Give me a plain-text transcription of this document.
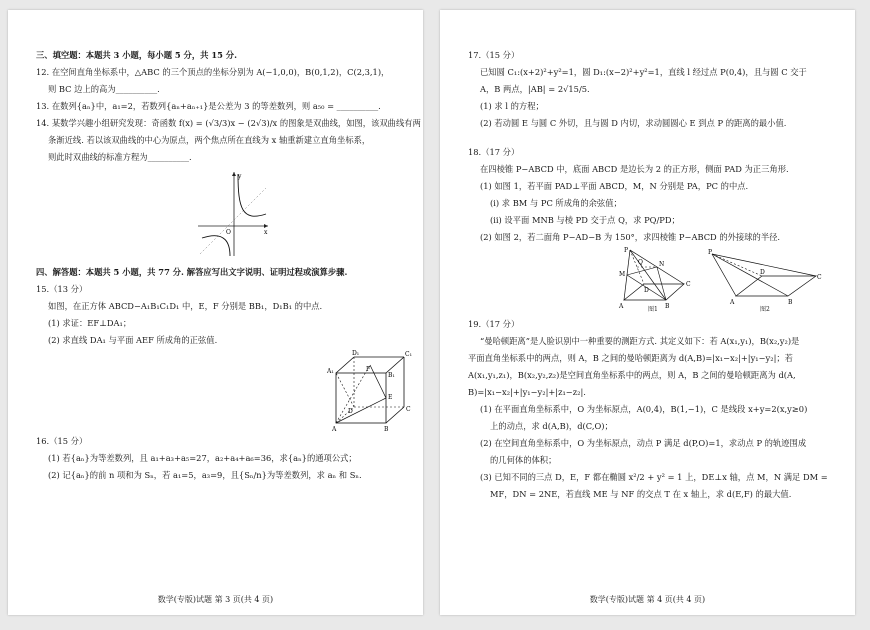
三、填空题：本题共 3 小题，每小题 5 分，共 15 分.
12. 在空间直角坐标系中，△ABC 的三个顶点的坐标分别为 A(−1,0,0)，B(0,1,2)，C(2,3,1)，
则 BC 边上的高为__________.
13. 在数列{aₙ}中，a₁=2，若数列{aₙ+aₙ₊₁}是公差为 3 的等差数列，则 a₅₀ = __________.
14. 某数学兴趣小组研究发现：奇函数 f(x) = (√3/3)x − (2√3)/x 的图象是双曲线，如图，该双曲线有两
条渐近线. 若以该双曲线的中心为原点，两个焦点所在直线为 x 轴重新建立直角坐标系，
则此时双曲线的标准方程为__________.
y
x
O
四、解答题：本题共 5 小题，共 77 分. 解答应写出文字说明、证明过程或演算步骤.
15.（13 分）
如图，在正方体 ABCD−A₁B₁C₁D₁ 中，E，F 分别是 BB₁，D₁B₁ 的中点.
(1) 求证：EF⊥DA₁；
(2) 求直线 DA₁ 与平面 AEF 所成角的正弦值.
D₁	C₁
A₁
B₁
F
E
D	C
A	B
16.（15 分）
(1) 若{aₙ}为等差数列，且 a₁+a₃+a₅=27，a₂+a₄+a₆=36，求{aₙ}的通项公式；
(2) 记{aₙ}的前 n 项和为 Sₙ，若 a₁=5，a₃=9，且{Sₙ/n}为等差数列，求 aₙ 和 Sₙ.
数学(专版)试题 第 3 页(共 4 页)
17.（15 分）
已知圆 C₁:(x+2)²+y²=1，圆 D₁:(x−2)²+y²=1，直线 l 经过点 P(0,4)，且与圆 C 交于
A，B 两点，|AB| = 2√15/5.
(1) 求 l 的方程；
(2) 若动圆 E 与圆 C 外切，且与圆 D 内切，求动圆圆心 E 到点 P 的距离的最小值.
18.（17 分）
在四棱锥 P−ABCD 中，底面 ABCD 是边长为 2 的正方形，侧面 PAD 为正三角形.
(1) 如图 1，若平面 PAD⊥平面 ABCD，M，N 分别是 PA，PC 的中点.
(ⅰ) 求 BM 与 PC 所成角的余弦值；
(ⅱ) 设平面 MNB 与棱 PD 交于点 Q，求 PQ/PD；
(2) 如图 2，若二面角 P−AD−B 为 150°，求四棱锥 P−ABCD 的外接球的半径.
P
M
Q	N
D
C
A	B
图1
P
D
C
A	B
图2
19.（17 分）
“曼哈顿距离”是人脸识别中一种重要的测距方式. 其定义如下：若 A(x₁,y₁)，B(x₂,y₂)是
平面直角坐标系中的两点，则 A，B 之间的曼哈顿距离为 d(A,B)=|x₁−x₂|+|y₁−y₂|；若
A(x₁,y₁,z₁)，B(x₂,y₂,z₂)是空间直角坐标系中的两点，则 A，B 之间的曼哈顿距离为 d(A,
B)=|x₁−x₂|+|y₁−y₂|+|z₁−z₂|.
(1) 在平面直角坐标系中，O 为坐标原点，A(0,4)，B(1,−1)，C 是线段 x+y=2(x,y≥0)
上的动点，求 d(A,B)，d(C,O)；
(2) 在空间直角坐标系中，O 为坐标原点，动点 P 满足 d(P,O)=1，求动点 P 的轨迹围成
的几何体的体积；
(3) 已知不同的三点 D，E，F 都在椭圆 x²/2 + y² = 1 上，DE⊥x 轴，点 M，N 满足 DM =
MF，DN = 2NE，若直线 ME 与 NF 的交点 T 在 x 轴上，求 d(E,F) 的最大值.
数学(专版)试题 第 4 页(共 4 页)
